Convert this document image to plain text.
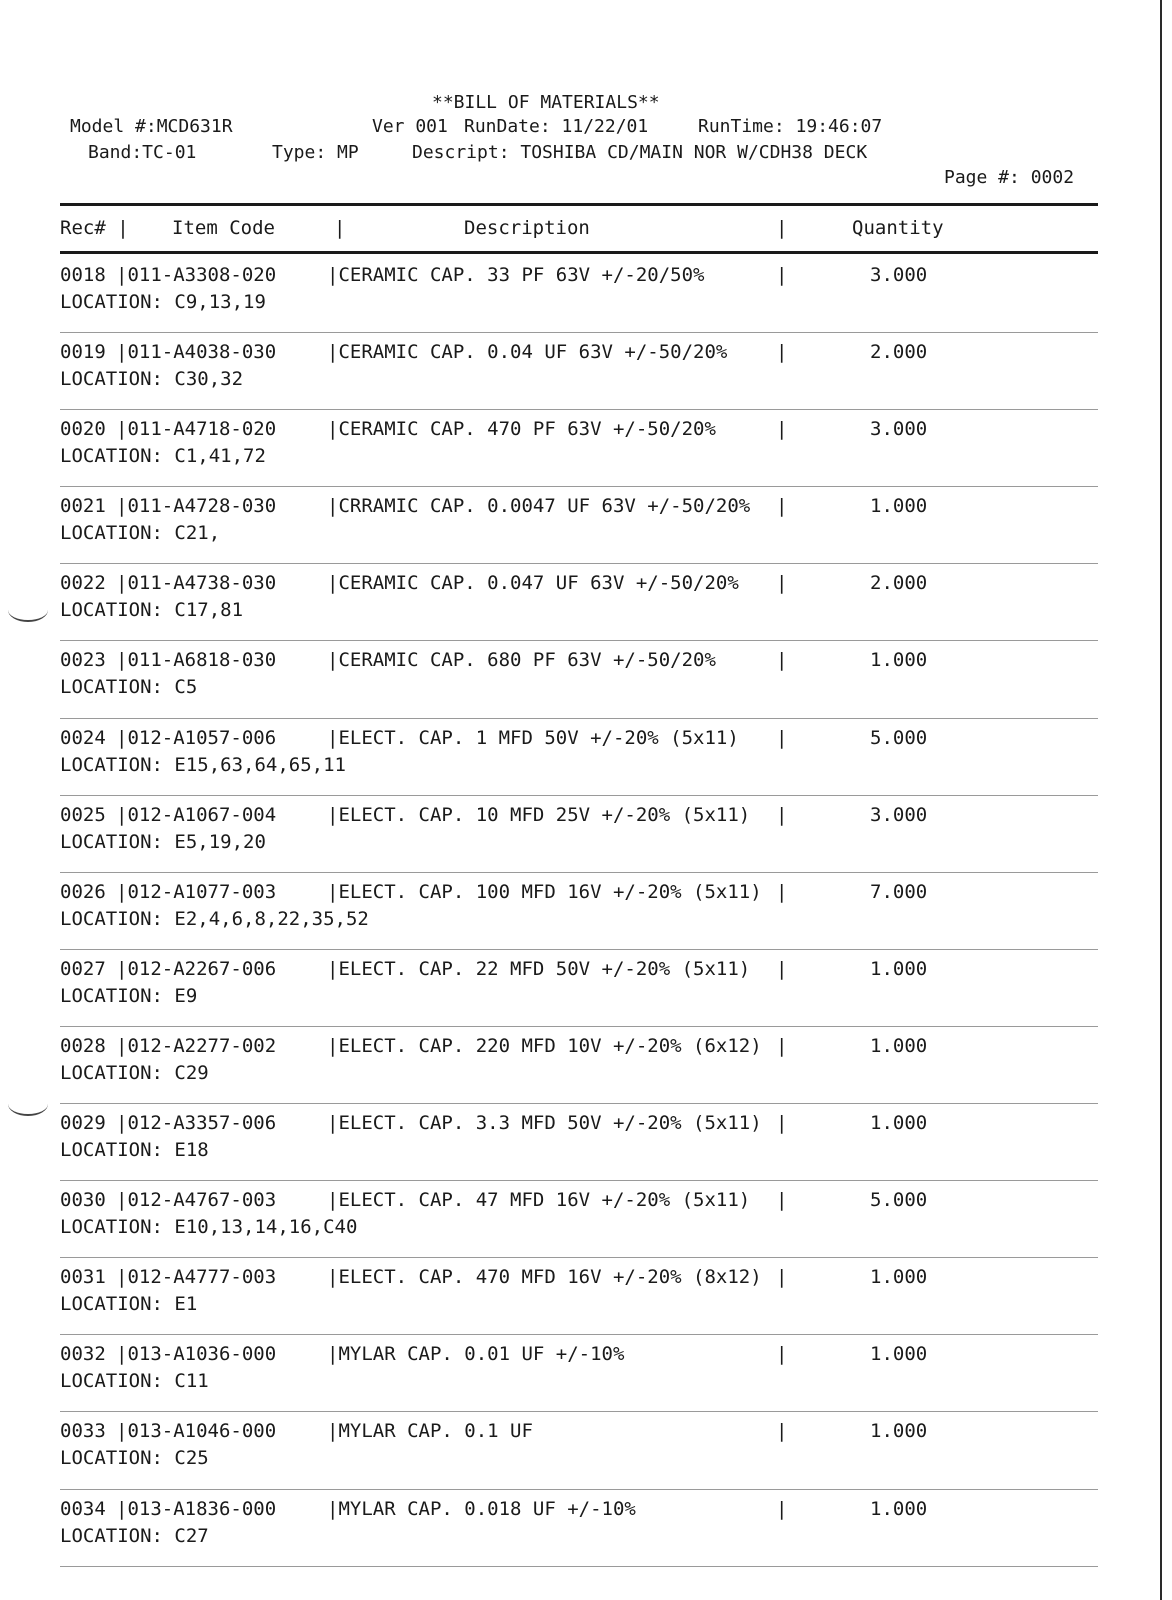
**BILL OF MATERIALS**
Model #:MCD631R	Ver 001 RunDate: 11/22/01	RunTime: 19:46:07
Band:TC-01	Type: MP	Descript: TOSHIBA CD/MAIN NOR W/CDH38 DECK
Page #: 0002
Rec# | Item Code	|	Description	|	Quantity
0018 |011-A3308-020	|CERAMIC CAP. 33 PF 63V +/-20/50%	|	3.000
LOCATION: C9,13,19
0019 |011-A4038-030	|CERAMIC CAP. 0.04 UF 63V +/-50/20%	|	2.000
LOCATION: C30,32
0020 |011-A4718-020	|CERAMIC CAP. 470 PF 63V +/-50/20%	|	3.000
LOCATION: C1,41,72
0021 |011-A4728-030	|CRRAMIC CAP. 0.0047 UF 63V +/-50/20% |	1.000
LOCATION: C21,
0022 |011-A4738-030	|CERAMIC CAP. 0.047 UF 63V +/-50/20% |	2.000
LOCATION: C17,81
0023 |011-A6818-030	|CERAMIC CAP. 680 PF 63V +/-50/20%	|	1.000
LOCATION: C5
0024 |012-A1057-006	|ELECT. CAP. 1 MFD 50V +/-20% (5x11) |	5.000
LOCATION: E15,63,64,65,11
0025 |012-A1067-004	|ELECT. CAP. 10 MFD 25V +/-20% (5x11) |	3.000
LOCATION: E5,19,20
0026 |012-A1077-003	|ELECT. CAP. 100 MFD 16V +/-20% (5x11) |	7.000
LOCATION: E2,4,6,8,22,35,52
0027 |012-A2267-006	|ELECT. CAP. 22 MFD 50V +/-20% (5x11) |	1.000
LOCATION: E9
0028 |012-A2277-002	|ELECT. CAP. 220 MFD 10V +/-20% (6x12) |	1.000
LOCATION: C29
0029 |012-A3357-006	|ELECT. CAP. 3.3 MFD 50V +/-20% (5x11) |	1.000
LOCATION: E18
0030 |012-A4767-003	|ELECT. CAP. 47 MFD 16V +/-20% (5x11) |	5.000
LOCATION: E10,13,14,16,C40
0031 |012-A4777-003	|ELECT. CAP. 470 MFD 16V +/-20% (8x12) |	1.000
LOCATION: E1
0032 |013-A1036-000	|MYLAR CAP. 0.01 UF +/-10%	|	1.000
LOCATION: C11
0033 |013-A1046-000	|MYLAR CAP. 0.1 UF	|	1.000
LOCATION: C25
0034 |013-A1836-000	|MYLAR CAP. 0.018 UF +/-10%	|	1.000
LOCATION: C27
